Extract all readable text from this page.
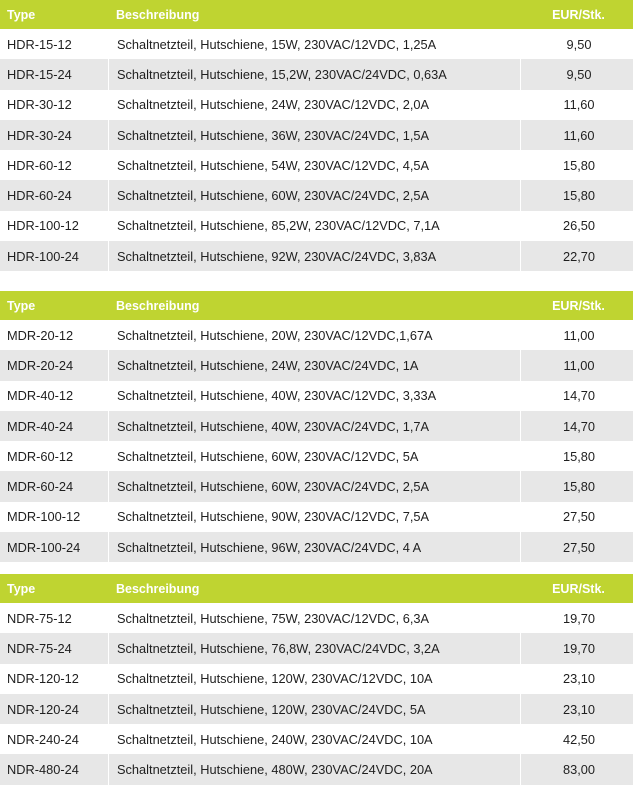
Type	Beschreibung	EUR/Stk.
HDR-15-12	Schaltnetzteil, Hutschiene, 15W, 230VAC/12VDC, 1,25A	9,50
HDR-15-24	Schaltnetzteil, Hutschiene, 15,2W, 230VAC/24VDC, 0,63A	9,50
HDR-30-12	Schaltnetzteil, Hutschiene, 24W, 230VAC/12VDC, 2,0A	11,60
HDR-30-24	Schaltnetzteil, Hutschiene, 36W, 230VAC/24VDC, 1,5A	11,60
HDR-60-12	Schaltnetzteil, Hutschiene, 54W, 230VAC/12VDC, 4,5A	15,80
HDR-60-24	Schaltnetzteil, Hutschiene, 60W, 230VAC/24VDC, 2,5A	15,80
HDR-100-12	Schaltnetzteil, Hutschiene, 85,2W, 230VAC/12VDC, 7,1A	26,50
HDR-100-24	Schaltnetzteil, Hutschiene, 92W, 230VAC/24VDC, 3,83A	22,70
Type	Beschreibung	EUR/Stk.
MDR-20-12	Schaltnetzteil, Hutschiene, 20W, 230VAC/12VDC,1,67A	11,00
MDR-20-24	Schaltnetzteil, Hutschiene, 24W, 230VAC/24VDC, 1A	11,00
MDR-40-12	Schaltnetzteil, Hutschiene, 40W, 230VAC/12VDC, 3,33A	14,70
MDR-40-24	Schaltnetzteil, Hutschiene, 40W, 230VAC/24VDC, 1,7A	14,70
MDR-60-12	Schaltnetzteil, Hutschiene, 60W, 230VAC/12VDC, 5A	15,80
MDR-60-24	Schaltnetzteil, Hutschiene, 60W, 230VAC/24VDC, 2,5A	15,80
MDR-100-12	Schaltnetzteil, Hutschiene, 90W, 230VAC/12VDC, 7,5A	27,50
MDR-100-24	Schaltnetzteil, Hutschiene, 96W, 230VAC/24VDC, 4 A	27,50
Type	Beschreibung	EUR/Stk.
NDR-75-12	Schaltnetzteil, Hutschiene, 75W, 230VAC/12VDC, 6,3A	19,70
NDR-75-24	Schaltnetzteil, Hutschiene, 76,8W, 230VAC/24VDC, 3,2A	19,70
NDR-120-12	Schaltnetzteil, Hutschiene, 120W, 230VAC/12VDC, 10A	23,10
NDR-120-24	Schaltnetzteil, Hutschiene, 120W, 230VAC/24VDC, 5A	23,10
NDR-240-24	Schaltnetzteil, Hutschiene, 240W, 230VAC/24VDC, 10A	42,50
NDR-480-24	Schaltnetzteil, Hutschiene, 480W, 230VAC/24VDC, 20A	83,00
